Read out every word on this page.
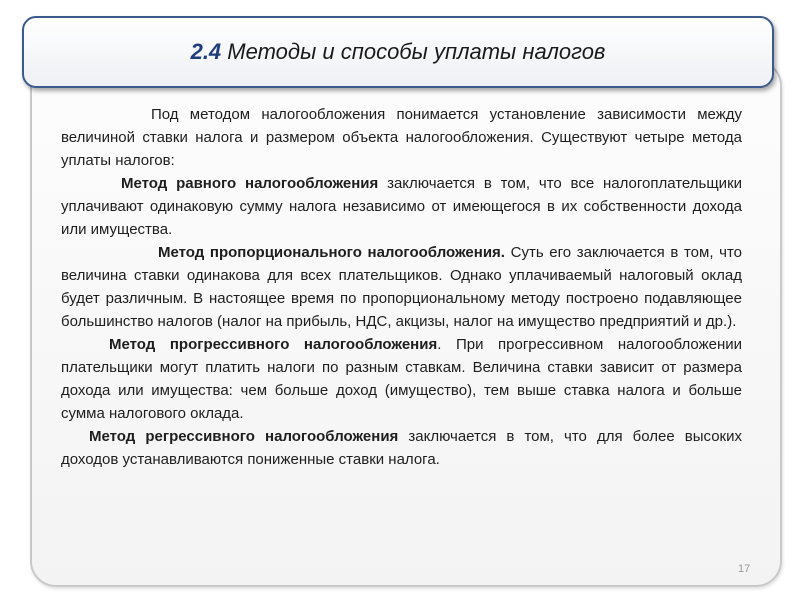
2.4 Методы и способы уплаты налогов

Под методом налогообложения понимается установление зависимости между величиной ставки налога и размером объекта налогообложения. Существуют четыре метода уплаты налогов:

Метод равного налогообложения заключается в том, что все налогоплательщики уплачивают одинаковую сумму налога независимо от имеющегося в их собственности дохода или имущества.

Метод пропорционального налогообложения. Суть его заключается в том, что величина ставки одинакова для всех плательщиков. Однако уплачиваемый налоговый оклад будет различным. В настоящее время по пропорциональному методу построено подавляющее большинство налогов (налог на прибыль, НДС, акцизы, налог на имущество предприятий и др.).

Метод прогрессивного налогообложения. При прогрессивном налогообложении плательщики могут платить налоги по разным ставкам. Величина ставки зависит от размера дохода или имущества: чем больше доход (имущество), тем выше ставка налога и больше сумма налогового оклада.

Метод регрессивного налогообложения заключается в том, что для более высоких доходов устанавливаются пониженные ставки налога.

17
